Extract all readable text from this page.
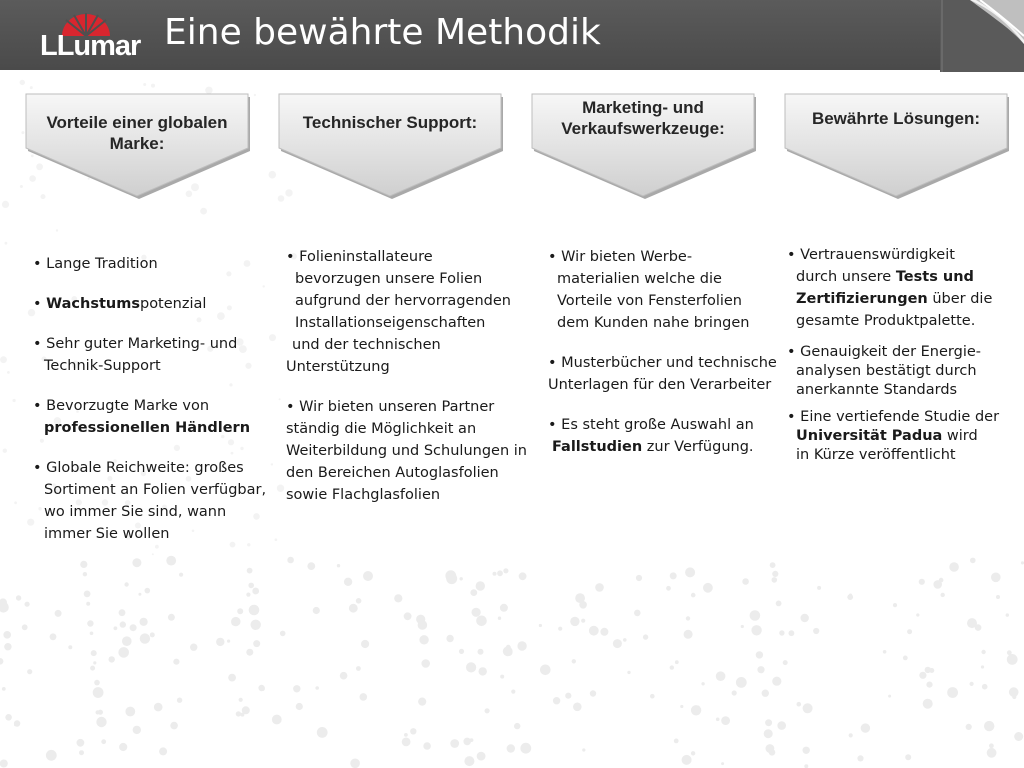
LLumar Eine bewährte Methodik
Vorteile einer globalen
Marke:
Technischer Support:
Marketing- und
Verkaufswerkzeuge:
Bewährte Lösungen:
• Lange Tradition
• Wachstumspotenzial
• Sehr guter Marketing- und
Technik-Support
• Bevorzugte Marke von
professionellen Händlern
• Globale Reichweite: großes
Sortiment an Folien verfügbar,
wo immer Sie sind, wann
immer Sie wollen
• Folieninstallateure
bevorzugen unsere Folien
aufgrund der hervorragenden
Installationseigenschaften
und der technischen
Unterstützung
• Wir bieten unseren Partner
ständig die Möglichkeit an
Weiterbildung und Schulungen in
den Bereichen Autoglasfolien
sowie Flachglasfolien
• Wir bieten Werbe-
materialien welche die
Vorteile von Fensterfolien
dem Kunden nahe bringen
• Musterbücher und technische
Unterlagen für den Verarbeiter
• Es steht große Auswahl an
Fallstudien zur Verfügung.
• Vertrauenswürdigkeit
durch unsere Tests und
Zertifizierungen über die
gesamte Produktpalette.
• Genauigkeit der Energie-
analysen bestätigt durch
anerkannte Standards
• Eine vertiefende Studie der
Universität Padua wird
in Kürze veröffentlicht
